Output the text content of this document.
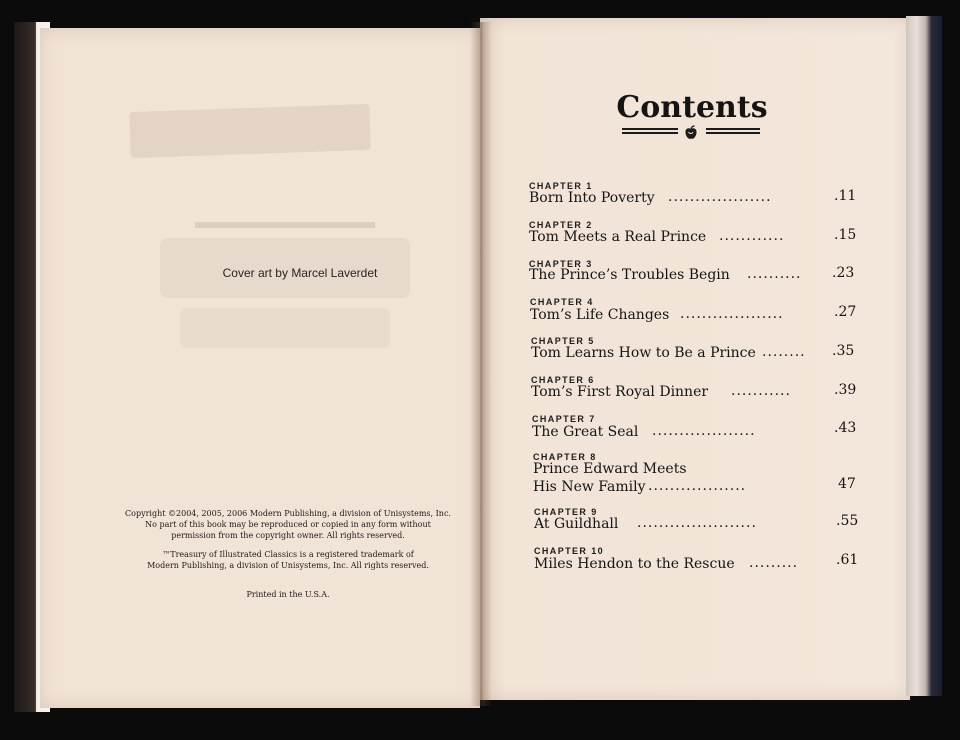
Cover art by Marcel Laverdet

Copyright ©2004, 2005, 2006 Modern Publishing, a division of Unisystems, Inc.
No part of this book may be reproduced or copied in any form without
permission from the copyright owner. All rights reserved.

™Treasury of Illustrated Classics is a registered trademark of
Modern Publishing, a division of Unisystems, Inc. All rights reserved.

Printed in the U.S.A.

Contents
CHAPTER 1
Born Into Poverty ...................	.11
CHAPTER 2
Tom Meets a Real Prince ............	.15
CHAPTER 3
The Prince’s Troubles Begin .......... .23
CHAPTER 4
Tom’s Life Changes ...................	.27
CHAPTER 5
Tom Learns How to Be a Prince ........ .35
CHAPTER 6
Tom’s First Royal Dinner ...........	.39
CHAPTER 7
The Great Seal ...................	.43
CHAPTER 8
Prince Edward Meets
His New Family ..................	47
CHAPTER 9
At Guildhall ......................	.55
CHAPTER 10
Miles Hendon to the Rescue .........	.61
